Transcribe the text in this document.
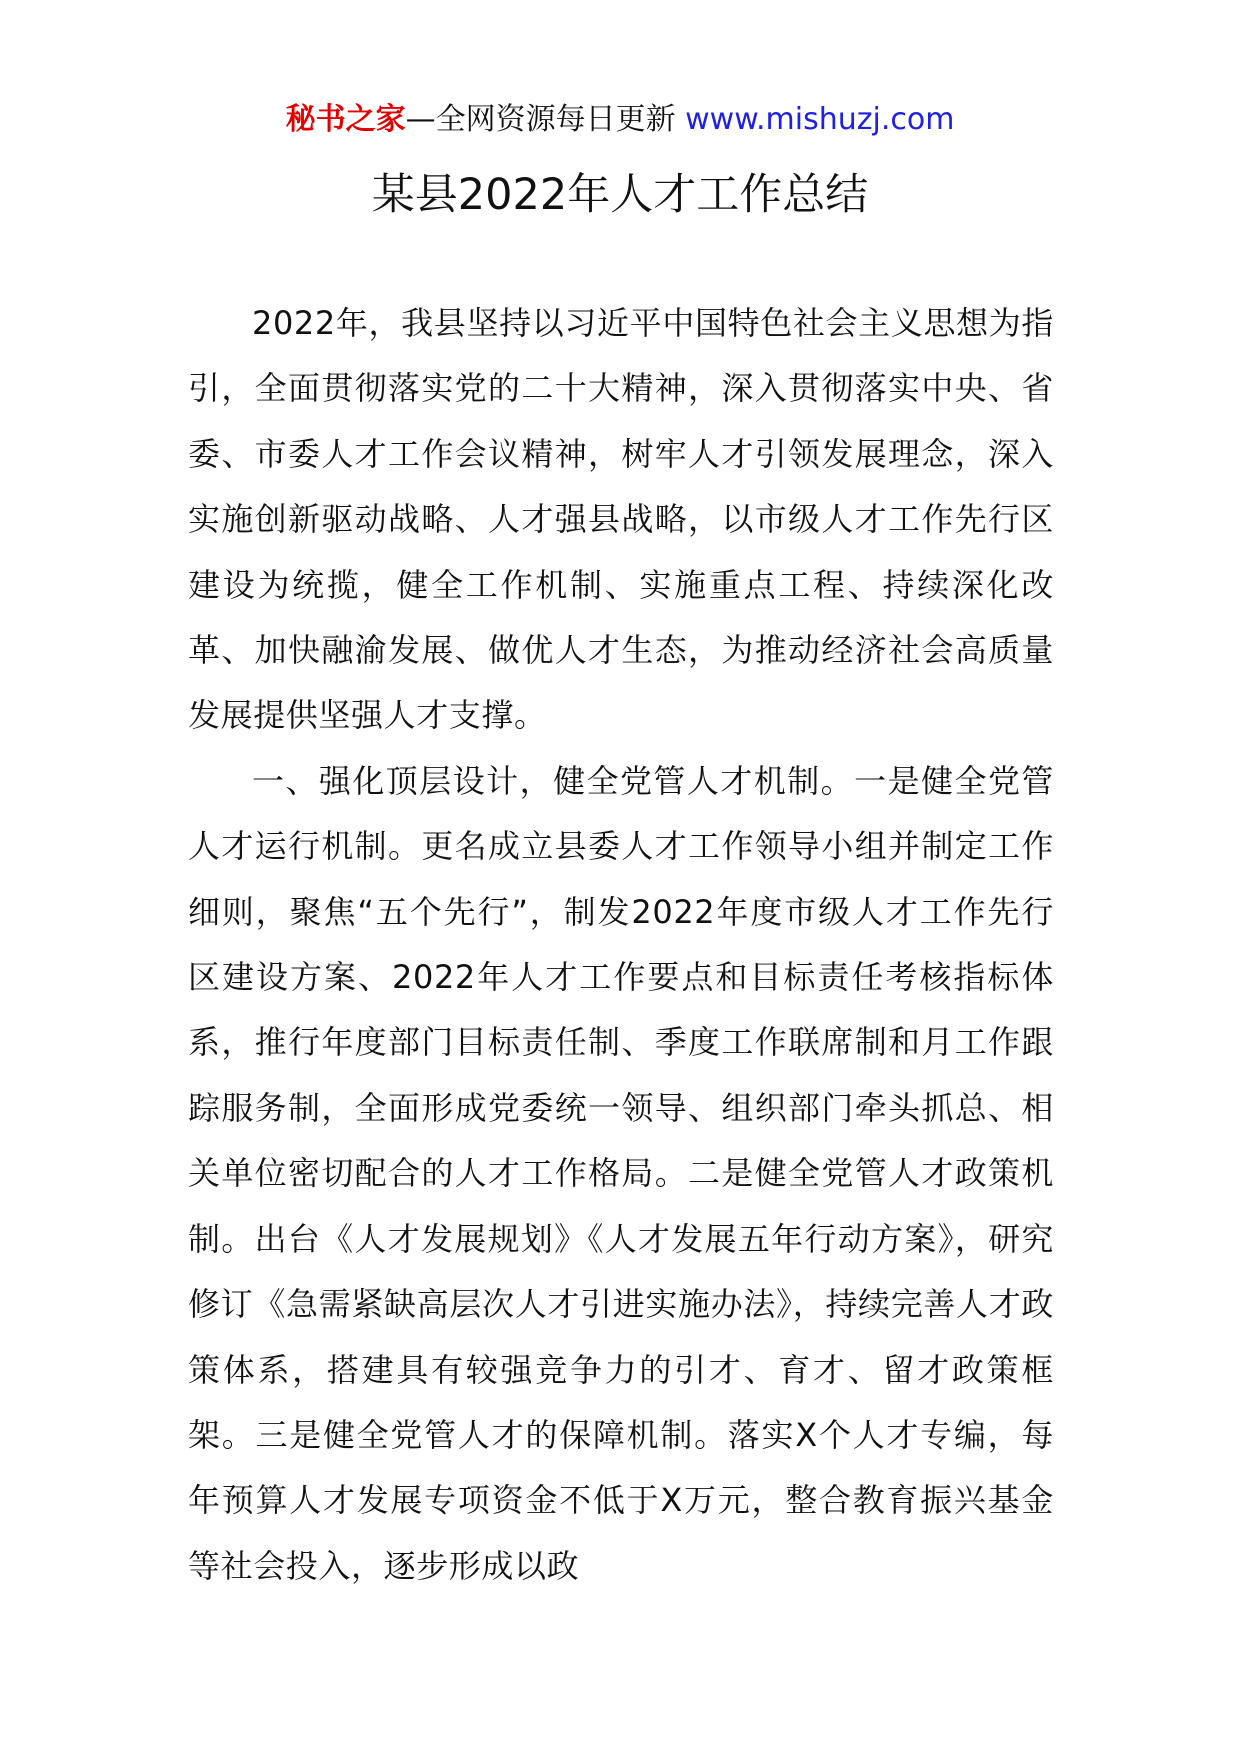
秘书之家—全网资源每日更新 www.mishuzj.com
某县2022年人才工作总结

2022年，我县坚持以习近平中国特色社会主义思想为指引，全面贯彻落实党的二十大精神，深入贯彻落实中央、省委、市委人才工作会议精神，树牢人才引领发展理念，深入实施创新驱动战略、人才强县战略，以市级人才工作先行区建设为统揽，健全工作机制、实施重点工程、持续深化改革、加快融渝发展、做优人才生态，为推动经济社会高质量发展提供坚强人才支撑。

一、强化顶层设计，健全党管人才机制。一是健全党管人才运行机制。更名成立县委人才工作领导小组并制定工作细则，聚焦“五个先行”，制发2022年度市级人才工作先行区建设方案、2022年人才工作要点和目标责任考核指标体系，推行年度部门目标责任制、季度工作联席制和月工作跟踪服务制，全面形成党委统一领导、组织部门牵头抓总、相关单位密切配合的人才工作格局。二是健全党管人才政策机制。出台《人才发展规划》《人才发展五年行动方案》，研究修订《急需紧缺高层次人才引进实施办法》，持续完善人才政策体系，搭建具有较强竞争力的引才、育才、留才政策框架。三是健全党管人才的保障机制。落实X个人才专编，每年预算人才发展专项资金不低于X万元，整合教育振兴基金等社会投入，逐步形成以政
